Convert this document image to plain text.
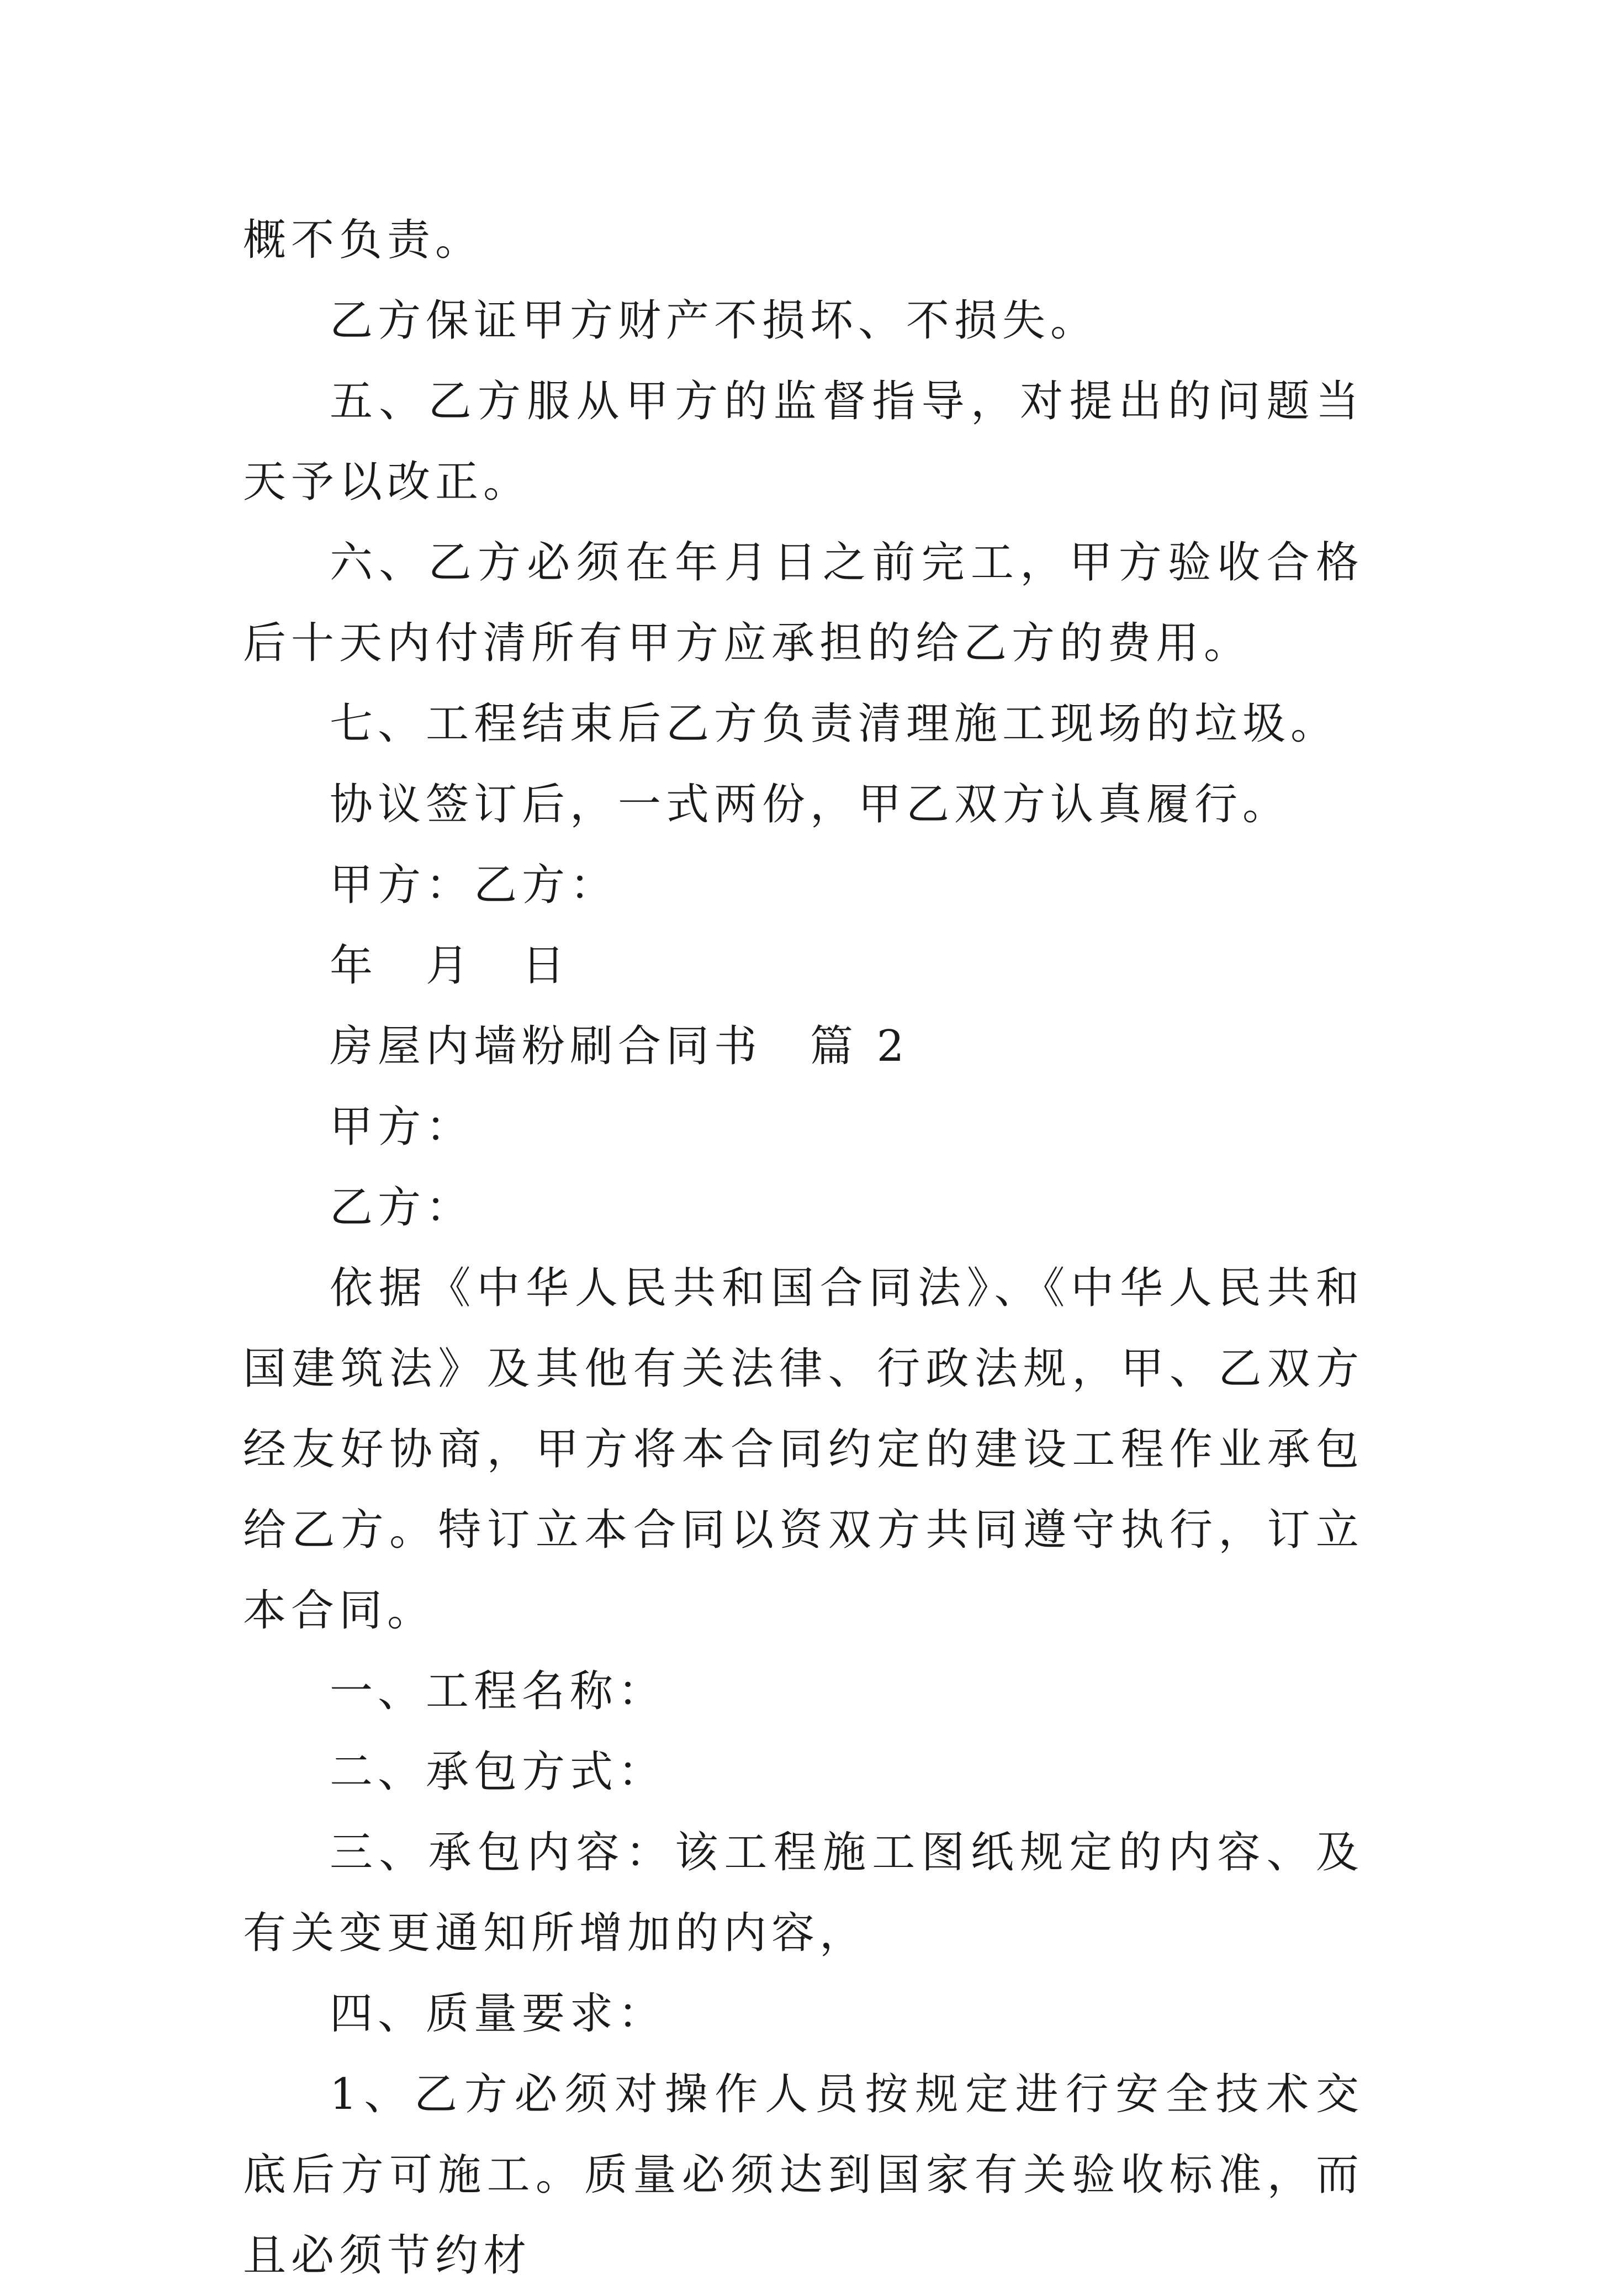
概不负责。

乙方保证甲方财产不损坏、不损失。

五、乙方服从甲方的监督指导，对提出的问题当天予以改正。

六、乙方必须在年月日之前完工，甲方验收合格后十天内付清所有甲方应承担的给乙方的费用。

七、工程结束后乙方负责清理施工现场的垃圾。

协议签订后，一式两份，甲乙双方认真履行。

甲方：乙方：

年　月　日

房屋内墙粉刷合同书　篇 2

甲方：

乙方：

依据《中华人民共和国合同法》、《中华人民共和国建筑法》及其他有关法律、行政法规，甲、乙双方经友好协商，甲方将本合同约定的建设工程作业承包给乙方。特订立本合同以资双方共同遵守执行，订立本合同。

一、工程名称：

二、承包方式：

三、承包内容：该工程施工图纸规定的内容、及有关变更通知所增加的内容，

四、质量要求：

1、乙方必须对操作人员按规定进行安全技术交底后方可施工。质量必须达到国家有关验收标准，而且必须节约材
